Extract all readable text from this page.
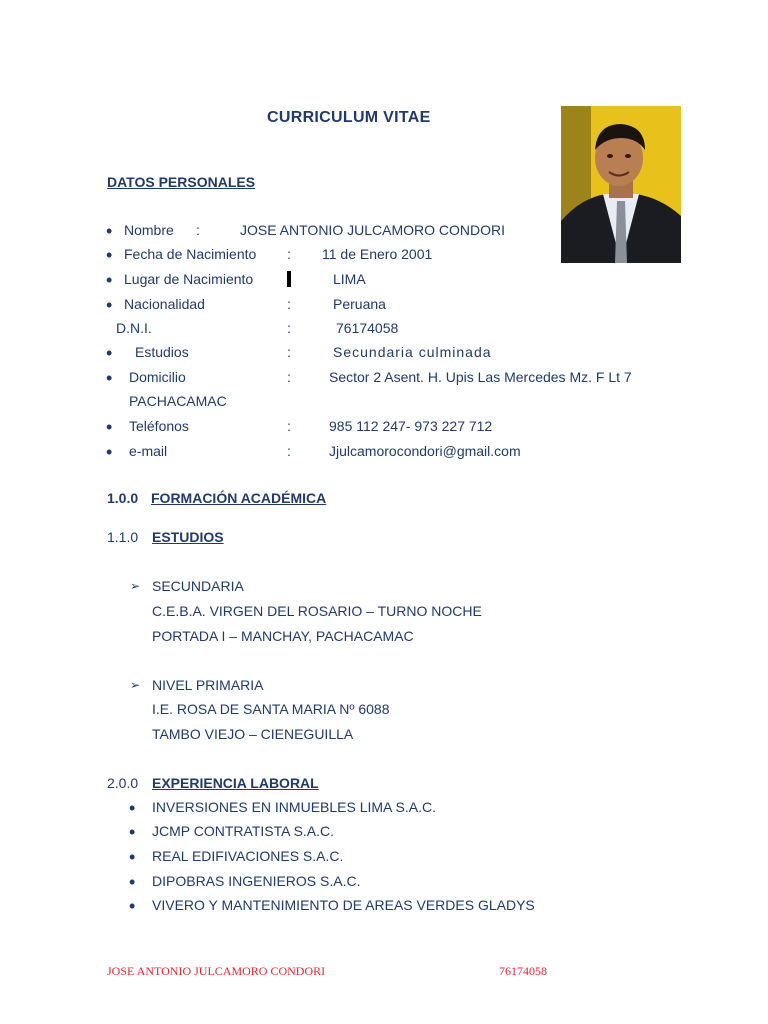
CURRICULUM VITAE
DATOS PERSONALES
• Nombre :	JOSE ANTONIO JULCAMORO CONDORI
• Fecha de Nacimiento : 11 de Enero 2001
• Lugar de Nacimiento	LIMA
• Nacionalidad	:	Peruana
D.N.I.	:	76174058
• Estudios	:	Secundaria culminada
• Domicilio	:	Sector 2 Asent. H. Upis Las Mercedes Mz. F Lt 7
PACHACAMAC
• Teléfonos	:	985 112 247- 973 227 712
• e-mail	:	Jjulcamorocondori@gmail.com
1.0.0 FORMACIÓN ACADÉMICA
1.1.0 ESTUDIOS
➢ SECUNDARIA
C.E.B.A. VIRGEN DEL ROSARIO – TURNO NOCHE
PORTADA I – MANCHAY, PACHACAMAC
➢ NIVEL PRIMARIA
I.E. ROSA DE SANTA MARIA Nº 6088
TAMBO VIEJO – CIENEGUILLA
2.0.0 EXPERIENCIA LABORAL
• INVERSIONES EN INMUEBLES LIMA S.A.C.
• JCMP CONTRATISTA S.A.C.
• REAL EDIFIVACIONES S.A.C.
• DIPOBRAS INGENIEROS S.A.C.
• VIVERO Y MANTENIMIENTO DE AREAS VERDES GLADYS
JOSE ANTONIO JULCAMORO CONDORI	76174058
